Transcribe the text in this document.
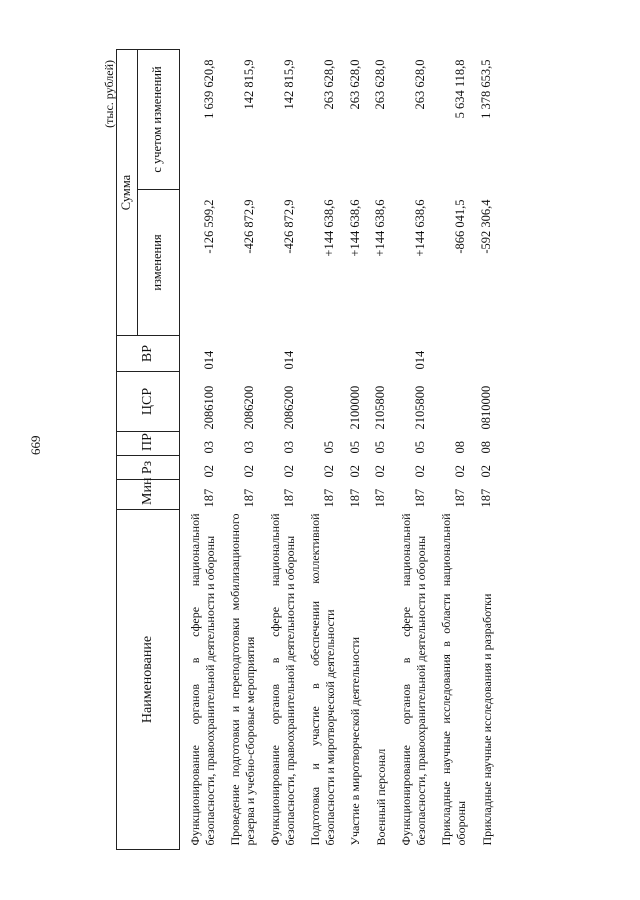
669
(тыс. рублей)
Наименование	Мин	Рз	ПР	ЦСР	ВР	Сумма	
						изменения	с учетом изменений
Функционирование органов в сфере национальной безопасности, правоохранительной деятельности и обороны	187	02	03	2086100	014	-126 599,2	1 639 620,8
Проведение подготовки и переподготовки мобилизационного резерва и учебно-сборовые мероприятия	187	02	03	2086200		-426 872,9	142 815,9
Функционирование органов в сфере национальной безопасности, правоохранительной деятельности и обороны	187	02	03	2086200	014	-426 872,9	142 815,9
Подготовка и участие в обеспечении коллективной безопасности и миротворческой деятельности	187	02	05			+144 638,6	263 628,0
Участие в миротворческой деятельности	187	02	05	2100000		+144 638,6	263 628,0
Военный персонал	187	02	05	2105800		+144 638,6	263 628,0
Функционирование органов в сфере национальной безопасности, правоохранительной деятельности и обороны	187	02	05	2105800	014	+144 638,6	263 628,0
Прикладные научные исследования в области национальной обороны	187	02	08			-866 041,5	5 634 118,8
Прикладные научные исследования и разработки	187	02	08	0810000		-592 306,4	1 378 653,5
